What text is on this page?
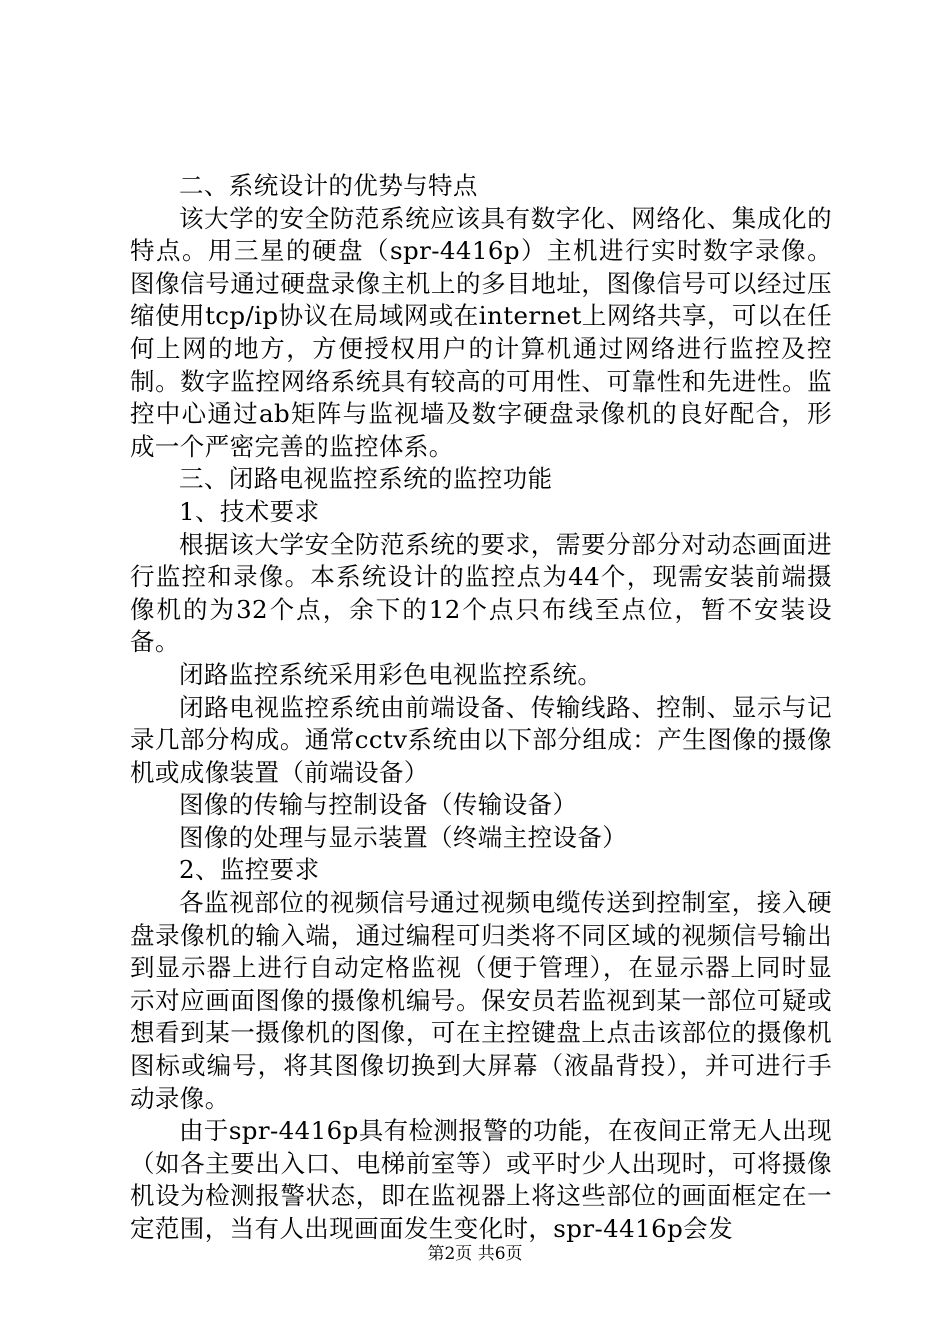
二、系统设计的优势与特点

该大学的安全防范系统应该具有数字化、网络化、集成化的特点。用三星的硬盘（spr-4416p）主机进行实时数字录像。图像信号通过硬盘录像主机上的多目地址，图像信号可以经过压缩使用tcp/ip协议在局域网或在internet上网络共享，可以在任何上网的地方，方便授权用户的计算机通过网络进行监控及控制。数字监控网络系统具有较高的可用性、可靠性和先进性。监控中心通过ab矩阵与监视墙及数字硬盘录像机的良好配合，形成一个严密完善的监控体系。

三、闭路电视监控系统的监控功能

1、技术要求

根据该大学安全防范系统的要求，需要分部分对动态画面进行监控和录像。本系统设计的监控点为44个，现需安装前端摄像机的为32个点，余下的12个点只布线至点位，暂不安装设备。

闭路监控系统采用彩色电视监控系统。

闭路电视监控系统由前端设备、传输线路、控制、显示与记录几部分构成。通常cctv系统由以下部分组成：产生图像的摄像机或成像装置（前端设备）

图像的传输与控制设备（传输设备）

图像的处理与显示装置（终端主控设备）

2、监控要求

各监视部位的视频信号通过视频电缆传送到控制室，接入硬盘录像机的输入端，通过编程可归类将不同区域的视频信号输出到显示器上进行自动定格监视（便于管理），在显示器上同时显示对应画面图像的摄像机编号。保安员若监视到某一部位可疑或想看到某一摄像机的图像，可在主控键盘上点击该部位的摄像机图标或编号，将其图像切换到大屏幕（液晶背投），并可进行手动录像。

由于spr-4416p具有检测报警的功能，在夜间正常无人出现（如各主要出入口、电梯前室等）或平时少人出现时，可将摄像机设为检测报警状态，即在监视器上将这些部位的画面框定在一定范围，当有人出现画面发生变化时，spr-4416p会发

第2页 共6页
